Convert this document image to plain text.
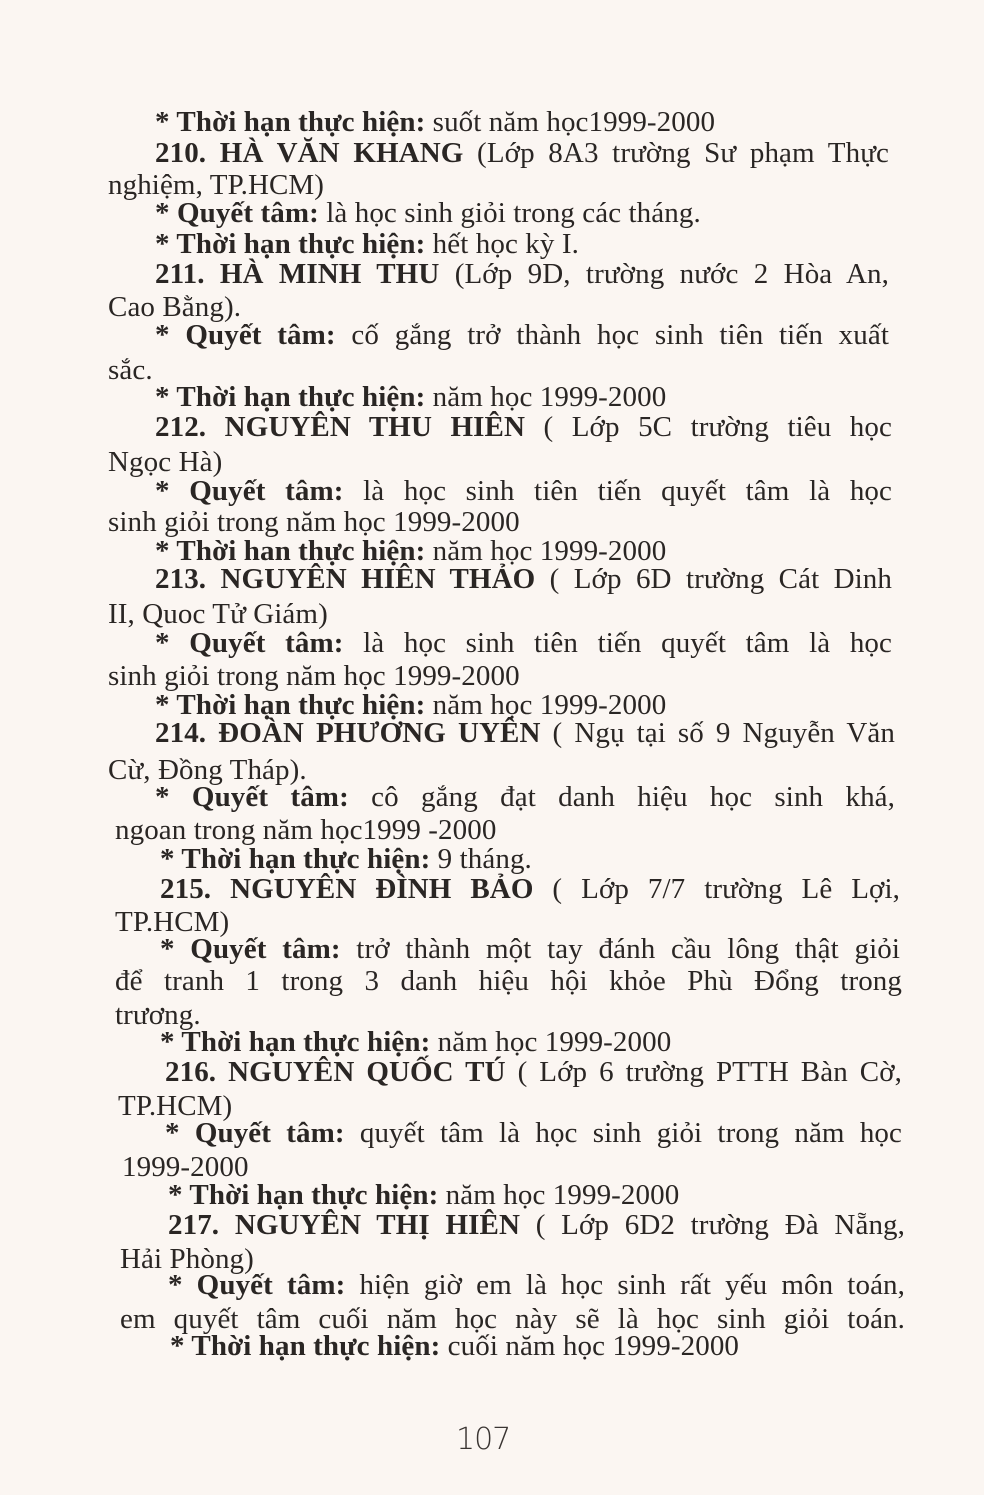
* Thời hạn thực hiện: suốt năm học1999-2000
210. HÀ VĂN KHANG (Lớp 8A3 trường Sư phạm Thực
nghiệm, TP.HCM)
* Quyết tâm: là học sinh giỏi trong các tháng.
* Thời hạn thực hiện: hết học kỳ I.
211. HÀ MINH THU (Lớp 9D, trường nước 2 Hòa An,
Cao Bằng).
* Quyết tâm: cố gắng trở thành học sinh tiên tiến xuất
sắc.
* Thời hạn thực hiện: năm học 1999-2000
212. NGUYÊN THU HIÊN ( Lớp 5C trường tiêu học
Ngọc Hà)
* Quyết tâm: là học sinh tiên tiến quyết tâm là học
sinh giỏi trong năm học 1999-2000
* Thời han thực hiện: năm học 1999-2000
213. NGUYÊN HIÊN THẢO ( Lớp 6D trường Cát Dinh
II, Quoc Tử Giám)
* Quyết tâm: là học sinh tiên tiến quyết tâm là học
sinh giỏi trong năm học 1999-2000
* Thời hạn thực hiện: năm học 1999-2000
214. ĐOÀN PHƯƠNG UYÊN ( Ngụ tại số 9 Nguyễn Văn
Cừ, Đồng Tháp).
* Quyết tâm: cô gắng đạt danh hiệu học sinh khá,
ngoan trong năm học1999 -2000
* Thời hạn thực hiện: 9 tháng.
215. NGUYÊN ĐÌNH BẢO ( Lớp 7/7 trường Lê Lợi,
TP.HCM)
* Quyết tâm: trở thành một tay đánh cầu lông thật giỏi
để tranh 1 trong 3 danh hiệu hội khỏe Phù Đổng trong
trương.
* Thời hạn thực hiện: năm học 1999-2000
216. NGUYÊN QUỐC TÚ ( Lớp 6 trường PTTH Bàn Cờ,
TP.HCM)
* Quyết tâm: quyết tâm là học sinh giỏi trong năm học
1999-2000
* Thời hạn thực hiện: năm học 1999-2000
217. NGUYÊN THỊ HIÊN ( Lớp 6D2 trường Đà Nẵng,
Hải Phòng)
* Quyết tâm: hiện giờ em là học sinh rất yếu môn toán,
em quyết tâm cuối năm học này sẽ là học sinh giỏi toán.
* Thời hạn thực hiện: cuối năm học 1999-2000
107
